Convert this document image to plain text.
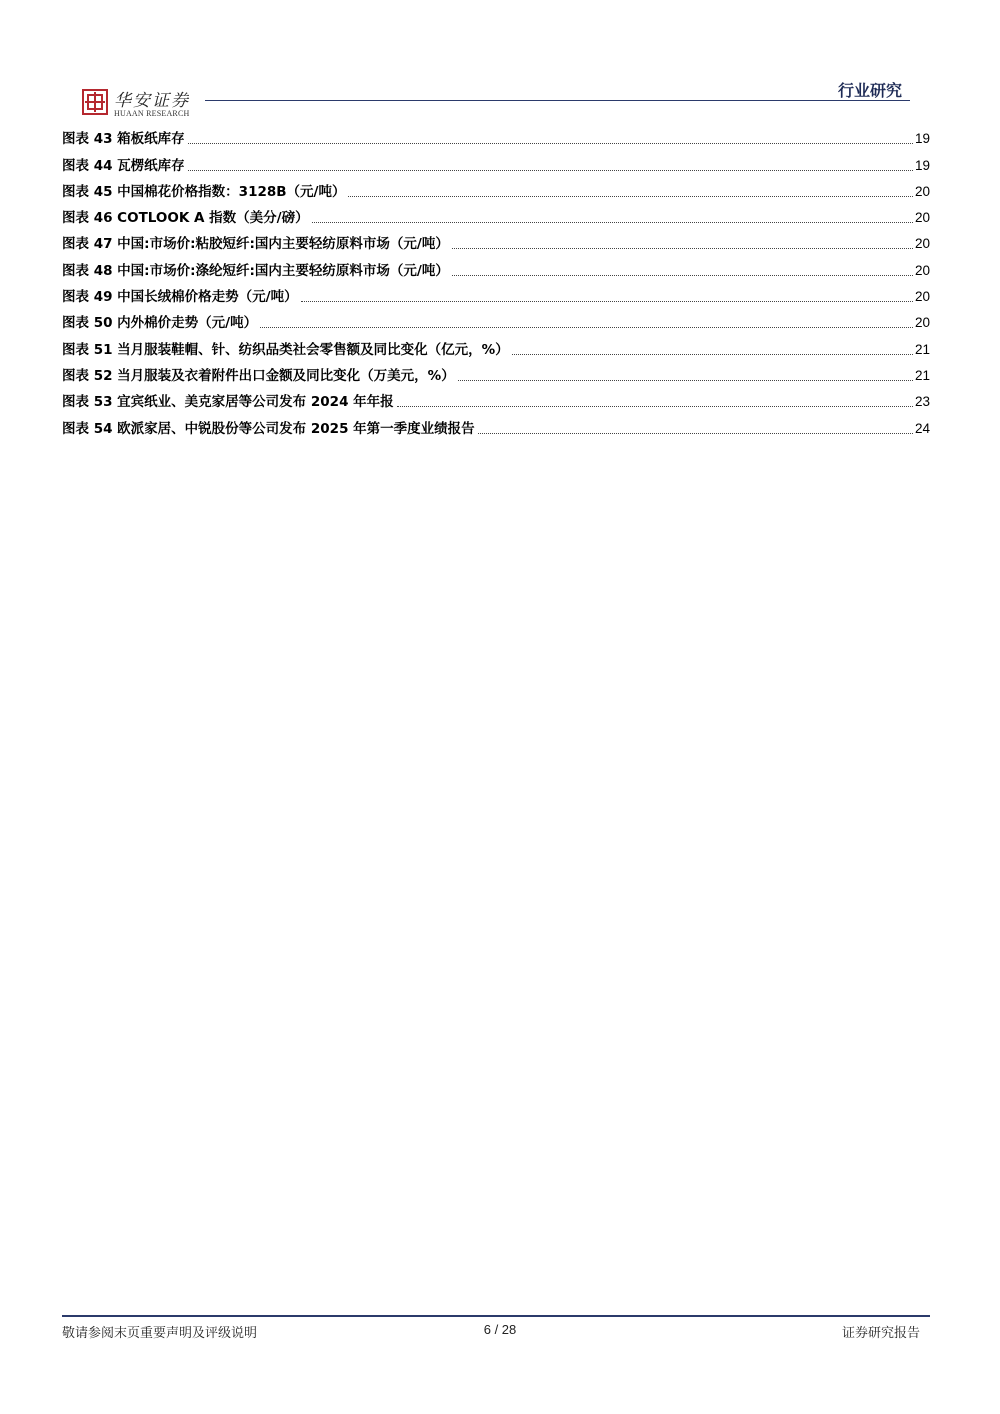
华安证券
HUAAN RESEARCH
行业研究
图表 43 箱板纸库存	19
图表 44 瓦楞纸库存	19
图表 45 中国棉花价格指数：3128B（元/吨）	20
图表 46 COTLOOK A 指数（美分/磅）	20
图表 47 中国:市场价:粘胶短纤:国内主要轻纺原料市场（元/吨）	20
图表 48 中国:市场价:涤纶短纤:国内主要轻纺原料市场（元/吨）	20
图表 49 中国长绒棉价格走势（元/吨）	20
图表 50 内外棉价走势（元/吨）	20
图表 51 当月服装鞋帽、针、纺织品类社会零售额及同比变化（亿元，%）	21
图表 52 当月服装及衣着附件出口金额及同比变化（万美元，%）	21
图表 53 宜宾纸业、美克家居等公司发布 2024 年年报	23
图表 54 欧派家居、中锐股份等公司发布 2025 年第一季度业绩报告	24
敬请参阅末页重要声明及评级说明	6 / 28	证券研究报告
